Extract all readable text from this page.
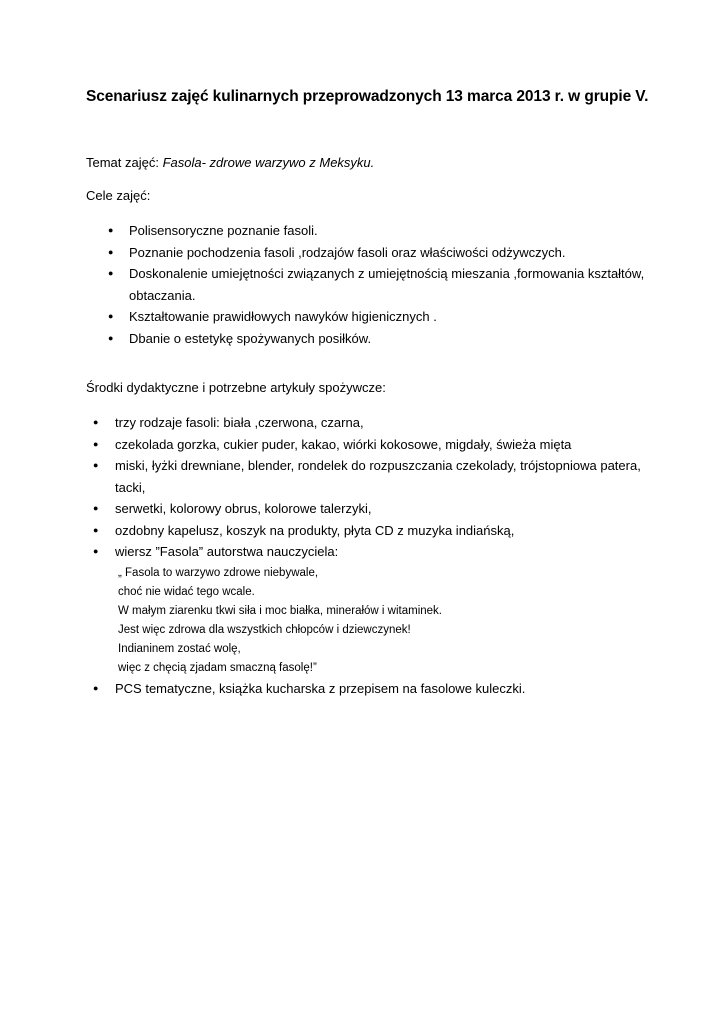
Scenariusz zajęć kulinarnych przeprowadzonych 13 marca 2013 r. w grupie V.
Temat zajęć: Fasola- zdrowe warzywo z Meksyku.
Cele zajęć:
● Polisensoryczne poznanie fasoli.
● Poznanie pochodzenia fasoli ,rodzajów fasoli oraz właściwości odżywczych.
● Doskonalenie umiejętności związanych z umiejętnością mieszania ,formowania kształtów, obtaczania.
● Kształtowanie prawidłowych nawyków higienicznych .
● Dbanie o estetykę spożywanych posiłków.
Środki dydaktyczne i potrzebne artykuły spożywcze:
● trzy rodzaje fasoli: biała ,czerwona, czarna,
● czekolada gorzka, cukier puder, kakao, wiórki kokosowe, migdały, świeża mięta
● miski, łyżki drewniane, blender, rondelek do rozpuszczania czekolady, trójstopniowa patera, tacki,
● serwetki, kolorowy obrus, kolorowe talerzyki,
● ozdobny kapelusz, koszyk na produkty, płyta CD z muzyka indiańską,
● wiersz ”Fasola” autorstwa nauczyciela:
„ Fasola to warzywo zdrowe niebywale,
choć nie widać tego wcale.
W małym ziarenku tkwi siła i moc białka, minerałów i witaminek.
Jest więc zdrowa dla wszystkich chłopców i dziewczynek!
Indianinem zostać wolę,
więc z chęcią zjadam smaczną fasolę!”
● PCS tematyczne, książka kucharska z przepisem na fasolowe kuleczki.
